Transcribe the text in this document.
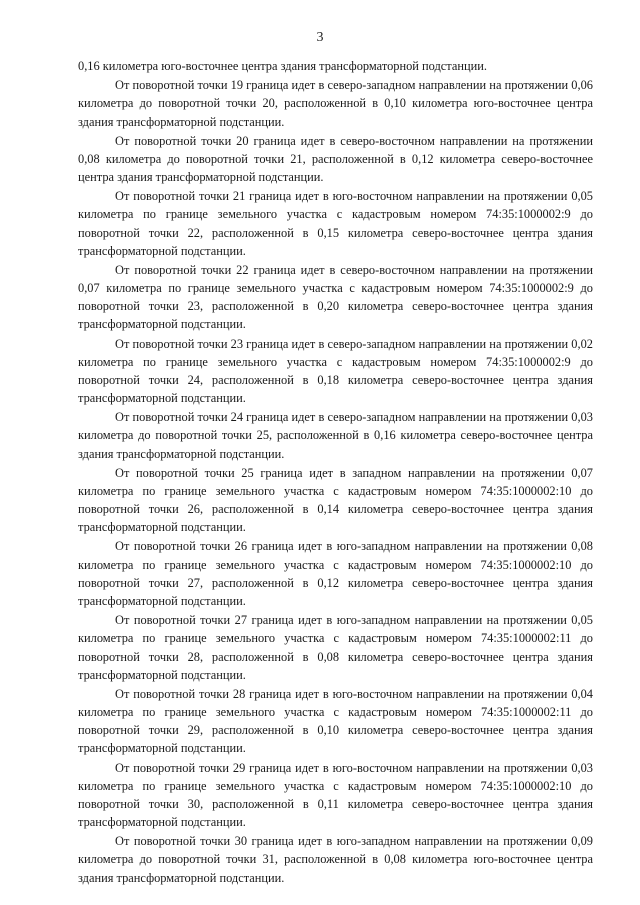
3

0,16 километра юго-восточнее центра здания трансформаторной подстанции.

От поворотной точки 19 граница идет в северо-западном направлении на протяжении 0,06 километра до поворотной точки 20, расположенной в 0,10 километра юго-восточнее центра здания трансформаторной подстанции.

От поворотной точки 20 граница идет в северо-восточном направлении на протяжении 0,08 километра до поворотной точки 21, расположенной в 0,12 километра северо-восточнее центра здания трансформаторной подстанции.

От поворотной точки 21 граница идет в юго-восточном направлении на протяжении 0,05 километра по границе земельного участка с кадастровым номером 74:35:1000002:9 до поворотной точки 22, расположенной в 0,15 километра северо-восточнее центра здания трансформаторной подстанции.

От поворотной точки 22 граница идет в северо-восточном направлении на протяжении 0,07 километра по границе земельного участка с кадастровым номером 74:35:1000002:9 до поворотной точки 23, расположенной в 0,20 километра северо-восточнее центра здания трансформаторной подстанции.

От поворотной точки 23 граница идет в северо-западном направлении на протяжении 0,02 километра по границе земельного участка с кадастровым номером 74:35:1000002:9 до поворотной точки 24, расположенной в 0,18 километра северо-восточнее центра здания трансформаторной подстанции.

От поворотной точки 24 граница идет в северо-западном направлении на протяжении 0,03 километра до поворотной точки 25, расположенной в 0,16 километра северо-восточнее центра здания трансформаторной подстанции.

От поворотной точки 25 граница идет в западном направлении на протяжении 0,07 километра по границе земельного участка с кадастровым номером 74:35:1000002:10 до поворотной точки 26, расположенной в 0,14 километра северо-восточнее центра здания трансформаторной подстанции.

От поворотной точки 26 граница идет в юго-западном направлении на протяжении 0,08 километра по границе земельного участка с кадастровым номером 74:35:1000002:10 до поворотной точки 27, расположенной в 0,12 километра северо-восточнее центра здания трансформаторной подстанции.

От поворотной точки 27 граница идет в юго-западном направлении на протяжении 0,05 километра по границе земельного участка с кадастровым номером 74:35:1000002:11 до поворотной точки 28, расположенной в 0,08 километра северо-восточнее центра здания трансформаторной подстанции.

От поворотной точки 28 граница идет в юго-восточном направлении на протяжении 0,04 километра по границе земельного участка с кадастровым номером 74:35:1000002:11 до поворотной точки 29, расположенной в 0,10 километра северо-восточнее центра здания трансформаторной подстанции.

От поворотной точки 29 граница идет в юго-восточном направлении на протяжении 0,03 километра по границе земельного участка с кадастровым номером 74:35:1000002:10 до поворотной точки 30, расположенной в 0,11 километра северо-восточнее центра здания трансформаторной подстанции.

От поворотной точки 30 граница идет в юго-западном направлении на протяжении 0,09 километра до поворотной точки 31, расположенной в 0,08 километра юго-восточнее центра здания трансформаторной подстанции.
